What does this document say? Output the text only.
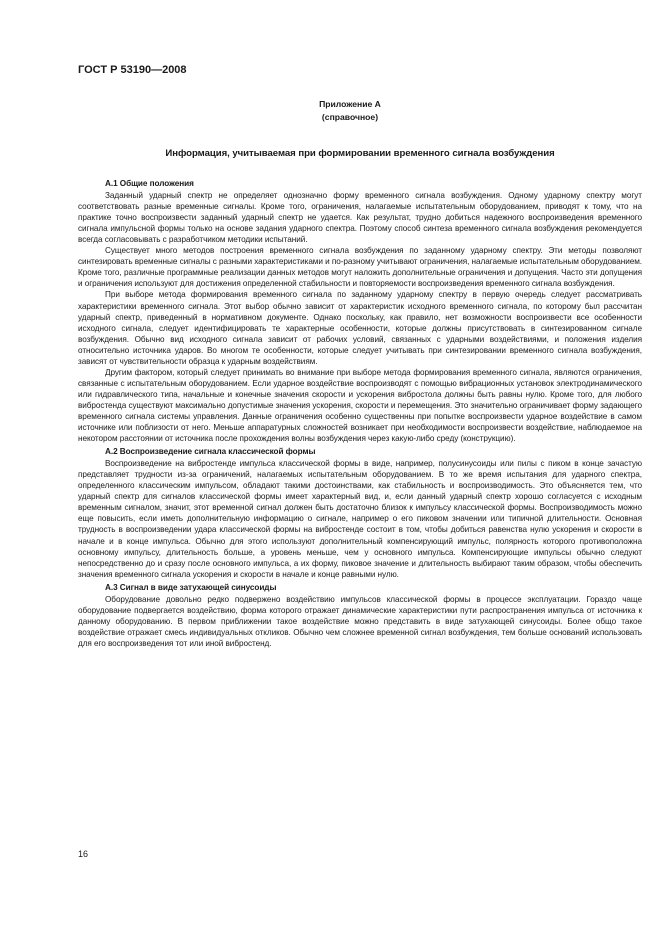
ГОСТ Р 53190—2008
Приложение А
(справочное)
Информация, учитываемая при формировании временного сигнала возбуждения
А.1 Общие положения

Заданный ударный спектр не определяет однозначно форму временного сигнала возбуждения. Одному ударному спектру могут соответствовать разные временные сигналы. Кроме того, ограничения, налагаемые испытательным оборудованием, приводят к тому, что на практике точно воспроизвести заданный ударный спектр не удается. Как результат, трудно добиться надежного воспроизведения временного сигнала импульсной формы только на основе задания ударного спектра. Поэтому способ синтеза временного сигнала возбуждения рекомендуется всегда согласовывать с разработчиком методики испытаний.

Существует много методов построения временного сигнала возбуждения по заданному ударному спектру. Эти методы позволяют синтезировать временные сигналы с разными характеристиками и по-разному учитывают ограничения, налагаемые испытательным оборудованием. Кроме того, различные программные реализации данных методов могут наложить дополнительные ограничения и допущения. Часто эти допущения и ограничения используют для достижения определенной стабильности и повторяемости воспроизведения временного сигнала возбуждения.

При выборе метода формирования временного сигнала по заданному ударному спектру в первую очередь следует рассматривать характеристики временного сигнала. Этот выбор обычно зависит от характеристик исходного временного сигнала, по которому был рассчитан ударный спектр, приведенный в нормативном документе. Однако поскольку, как правило, нет возможности воспроизвести все особенности исходного сигнала, следует идентифицировать те характерные особенности, которые должны присутствовать в синтезированном сигнале возбуждения. Обычно вид исходного сигнала зависит от рабочих условий, связанных с ударными воздействиями, и положения изделия относительно источника ударов. Во многом те особенности, которые следует учитывать при синтезировании временного сигнала возбуждения, зависят от чувствительности образца к ударным воздействиям.

Другим фактором, который следует принимать во внимание при выборе метода формирования временного сигнала, являются ограничения, связанные с испытательным оборудованием. Если ударное воздействие воспроизводят с помощью вибрационных установок электродинамического или гидравлического типа, начальные и конечные значения скорости и ускорения вибростола должны быть равны нулю. Кроме того, для любого вибростенда существуют максимально допустимые значения ускорения, скорости и перемещения. Это значительно ограничивает форму задающего временного сигнала системы управления. Данные ограничения особенно существенны при попытке воспроизвести ударное воздействие в самом источнике или поблизости от него. Меньше аппаратурных сложностей возникает при необходимости воспроизвести воздействие, наблюдаемое на некотором расстоянии от источника после прохождения волны возбуждения через какую-либо среду (конструкцию).

А.2 Воспроизведение сигнала классической формы

Воспроизведение на вибростенде импульса классической формы в виде, например, полусинусоиды или пилы с пиком в конце зачастую представляет трудности из-за ограничений, налагаемых испытательным оборудованием. В то же время испытания для ударного спектра, определенного классическим импульсом, обладают такими достоинствами, как стабильность и воспроизводимость. Это объясняется тем, что ударный спектр для сигналов классической формы имеет характерный вид, и, если данный ударный спектр хорошо согласуется с исходным временным сигналом, значит, этот временной сигнал должен быть достаточно близок к импульсу классической формы. Воспроизводимость можно еще повысить, если иметь дополнительную информацию о сигнале, например о его пиковом значении или типичной длительности. Основная трудность в воспроизведении удара классической формы на вибростенде состоит в том, чтобы добиться равенства нулю ускорения и скорости в начале и в конце импульса. Обычно для этого используют дополнительный компенсирующий импульс, полярность которого противоположна основному импульсу, длительность больше, а уровень меньше, чем у основного импульса. Компенсирующие импульсы обычно следуют непосредственно до и сразу после основного импульса, а их форму, пиковое значение и длительность выбирают таким образом, чтобы обеспечить значения временного сигнала ускорения и скорости в начале и конце равными нулю.

А.3 Сигнал в виде затухающей синусоиды

Оборудование довольно редко подвержено воздействию импульсов классической формы в процессе эксплуатации. Гораздо чаще оборудование подвергается воздействию, форма которого отражает динамические характеристики пути распространения импульса от источника к данному оборудованию. В первом приближении такое воздействие можно представить в виде затухающей синусоиды. Более общо такое воздействие отражает смесь индивидуальных откликов. Обычно чем сложнее временной сигнал возбуждения, тем больше оснований использовать для его воспроизведения тот или иной вибростенд.

16
